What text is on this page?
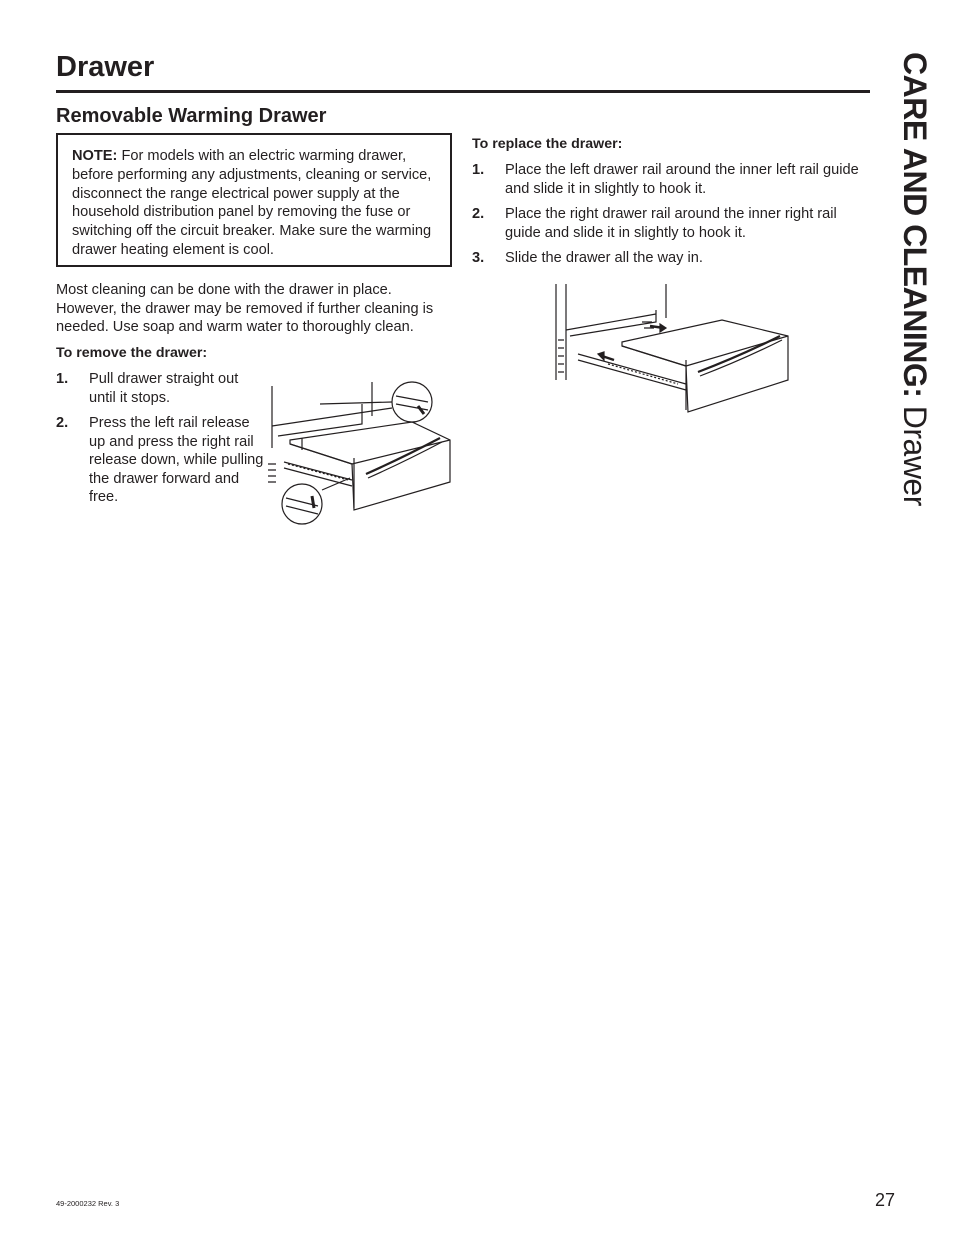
Drawer	CARE AND CLEANING: Drawer
Removable Warming Drawer
NOTE: For models with an electric warming drawer, before performing any adjustments, cleaning or service, disconnect the range electrical power supply at the household distribution panel by removing the fuse or switching off the circuit breaker. Make sure the warming drawer heating element is cool.

Most cleaning can be done with the drawer in place. However, the drawer may be removed if further cleaning is needed. Use soap and warm water to thoroughly clean.

To remove the drawer:

1. Pull drawer straight out until it stops.
2. Press the left rail release up and press the right rail release down, while pulling the drawer forward and free.

To replace the drawer:

1. Place the left drawer rail around the inner left rail guide and slide it in slightly to hook it.
2. Place the right drawer rail around the inner right rail guide and slide it in slightly to hook it.
3. Slide the drawer all the way in.
49-2000232 Rev. 3	27
